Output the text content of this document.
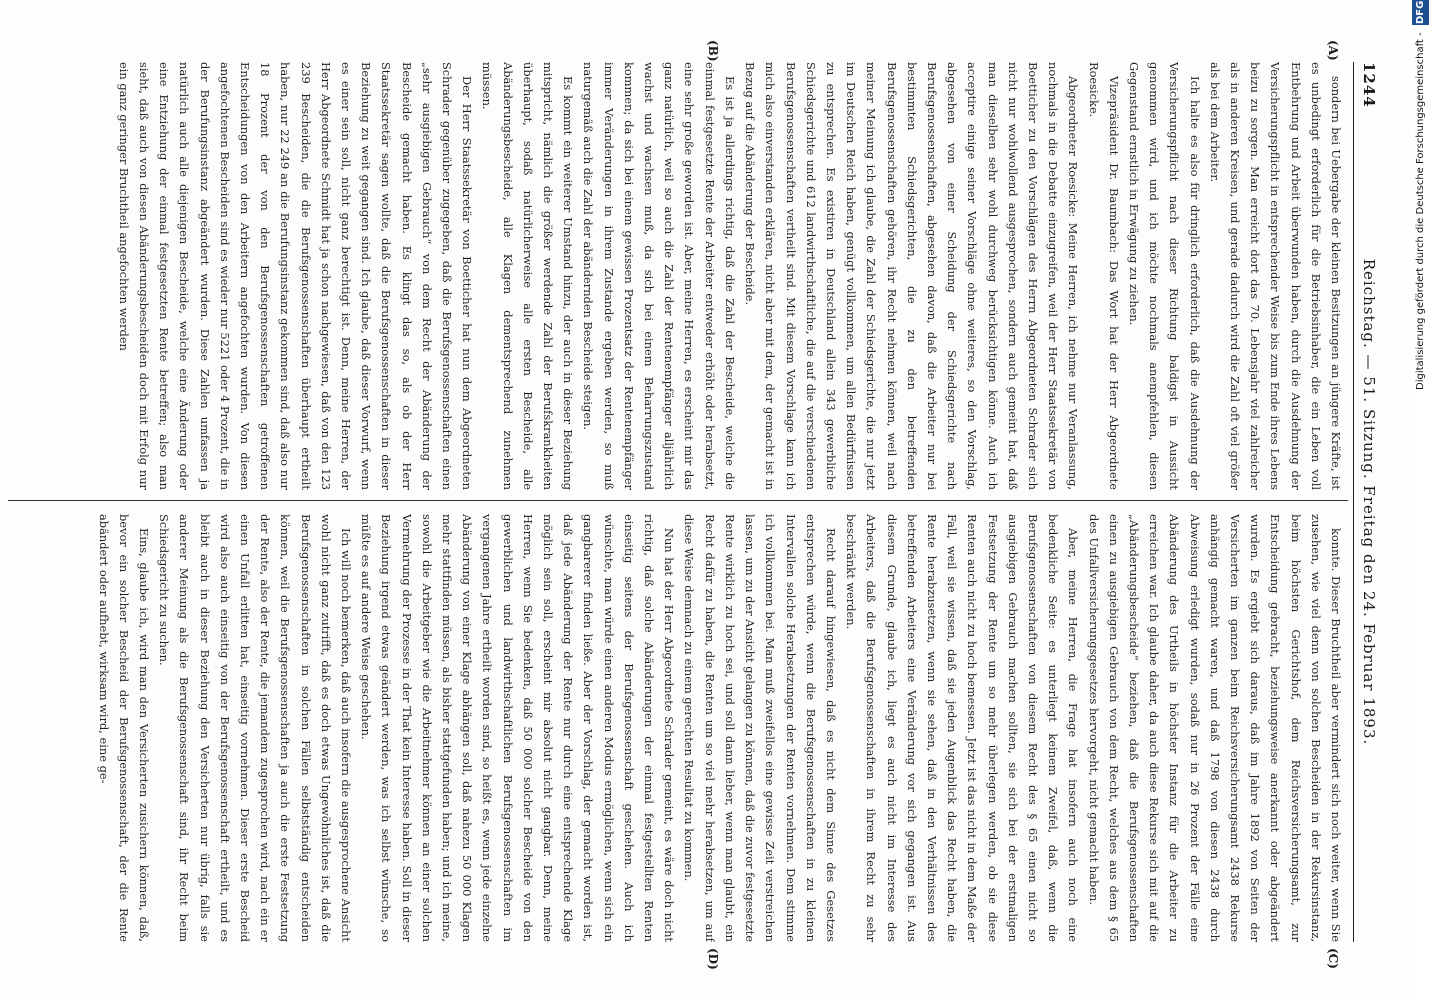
1244
Reichstag. — 51. Sitzung. Freitag den 24. Februar 1893.
(A)
(B)
(C)
(D)

sondern bei Uebergabe der kleinen Besitzungen an jüngere Kräfte, ist es unbedingt erforderlich für die Betriebsinhaber, die ein Leben voll Entbehrung und Arbeit überwunden haben, durch die Ausdehnung der Versicherungspflicht in entsprechender Weise bis zum Ende ihres Lebens beizu zu sorgen. Man erreicht dort das 70. Lebensjahr viel zahlreicher als in anderen Kreisen, und gerade dadurch wird die Zahl oft viel größer als bei dem Arbeiter.

Ich halte es also für dringlich erforderlich, daß die Ausdehnung der Versicherungspflicht nach dieser Richtung baldigst in Aussicht genommen wird, und ich möchte nochmals anempfehlen, diesen Gegenstand ernstlich in Erwägung zu ziehen.

Vizepräsident Dr. Baumbach: Das Wort hat der Herr Abgeordnete Roesicke.

Abgeordneter Roesicke: Meine Herren, ich nehme nur Veranlassung, nochmals in die Debatte einzugreifen, weil der Herr Staatssekretär von Boetticher zu den Vorschlägen des Herrn Abgeordneten Schrader sich nicht nur wohlwollend ausgesprochen, sondern auch gemeint hat, daß man dieselben sehr wohl durchweg berücksichtigen könne. Auch ich acceptire einige seiner Vorschläge ohne weiteres, so den Vorschlag, abgesehen von einer Scheidung der Schiedsgerichte nach Berufsgenossenschaften, abgesehen davon, daß die Arbeiter nur bei bestimmten Schiedsgerichten, die zu den betreffenden Berufsgenossenschaften gehören, ihr Recht nehmen können, weil nach meiner Meinung ich glaube, die Zahl der Schiedsgerichte, die nur jetzt im Deutschen Reich haben, genügt vollkommen, um allen Bedürfnissen zu entsprechen. Es existiren in Deutschland allein 343 gewerbliche Schiedsgerichte und 612 landwirthschaftliche, die auf die verschiedenen Berufsgenossenschaften vertheilt sind. Mit diesem Vorschlage kann ich mich also einverstanden erklären, nicht aber mit dem, der gemacht ist in Bezug auf die Abänderung der Bescheide.

Es ist ja allerdings richtig, daß die Zahl der Bescheide, welche die einmal festgesetzte Rente der Arbeiter entweder erhöht oder herabsetzt, eine sehr große geworden ist. Aber, meine Herren, es erscheint mir das ganz natürlich, weil so auch die Zahl der Rentenempfänger alljährlich wachst und wachsen muß, da sich bei einem Beharrungszustand kommen; da sich bei einem gewissen Prozentsatz der Rentenempfänger immer Veränderungen in ihrem Zustande ergeben werden, so muß naturgemäß auch die Zahl der abändernden Bescheide steigen.

Es kommt ein weiterer Umstand hinzu, der auch in dieser Beziehung mitspricht, nämlich die größer werdende Zahl der Berufskrankheiten überhaupt, sodaß natürlicherweise alle ersten Bescheide, alle Abänderungsbescheide, alle Klagen dementsprechend zunehmen müssen.

Der Herr Staatssekretär von Boetticher hat nun dem Abgeordneten Schrader gegenüber zugegeben, daß die Berufsgenossenschaften einen „sehr ausgiebigen Gebrauch“ von dem Recht der Abänderung der Bescheide gemacht haben. Es klingt das so, als ob der Herr Staatssekretär sagen wollte, daß die Berufsgenossenschaften in dieser Beziehung zu weit gegangen sind. Ich glaube, daß dieser Vorwurf, wenn es einer sein soll, nicht ganz berechtigt ist. Denn, meine Herren, der Herr Abgeordnete Schmidt hat ja schon nachgewiesen, daß von den 123 239 Bescheiden, die die Berufsgenossenschaften überhaupt ertheilt haben, nur 22 249 an die Berufungsinstanz gekommen sind, daß also nur 18 Prozent der von den Berufsgenossenschaften getroffenen Entscheidungen von den Arbeitern angefochten wurden. Von diesen angefochtenen Bescheiden sind es wieder nur 5221 oder 4 Prozent, die in der Berufungsinstanz abgeändert wurden. Diese Zahlen umfassen ja natürlich auch alle diejenigen Bescheide, welche eine Änderung oder eine Entziehung der einmal festgesetzten Rente betreffen; also man sieht, daß auch von diesen Abänderungsbescheiden doch mit Erfolg nur ein ganz geringer Bruchtheil angefochten werden

konnte. Dieser Bruchtheil aber vermindert sich noch weiter, wenn Sie zusehen, wie viel denn von solchen Bescheiden in der Rekursinstanz, beim höchsten Gerichtshof, dem Reichsversicherungsamt, zur Entscheidung gebracht, beziehungsweise anerkannt oder abgeändert wurden. Es ergiebt sich daraus, daß im Jahre 1892 von Seiten der Versicherten im ganzen beim Reichsversicherungsamt 2438 Rekurse anhängig gemacht waren, und daß 1798 von diesen 2438 durch Abweisung erledigt wurden, sodaß nur in 26 Prozent der Fälle eine Abänderung des Urtheils in höchster Instanz für die Arbeiter zu erreichen war. Ich glaube daher, da auch diese Rekurse sich mit auf die „Abänderungsbescheide“ beziehen, daß die Berufsgenossenschaften einen zu ausgiebigen Gebrauch von dem Recht, welches aus dem § 65 des Unfallversicherungsgesetzes hervorgeht, nicht gemacht haben.

Aber, meine Herren, die Frage hat insofern auch noch eine bedenkliche Seite: es unterliegt keinem Zweifel, daß, wenn die Berufsgenossenschaften von diesem Recht des § 65 einen nicht so ausgiebigen Gebrauch machen sollten, sie sich bei der erstmaligen Festsetzung der Rente um so mehr überlegen werden, ob sie diese Renten auch nicht zu hoch bemessen. Jetzt ist das nicht in dem Maße der Fall, weil sie wissen, daß sie jeden Augenblick das Recht haben, die Rente herabzusetzen, wenn sie sehen, daß in den Verhältnissen des betreffenden Arbeiters eine Veränderung vor sich gegangen ist. Aus diesem Grunde, glaube ich, liegt es auch nicht im Interesse des Arbeiters, daß die Berufsgenossenschaften in ihrem Recht zu sehr beschränkt werden.

Recht darauf hingewiesen, daß es nicht dem Sinne des Gesetzes entsprechen würde, wenn die Berufsgenossenschaften in zu kleinen Intervallen solche Herabsetzungen der Renten vornehmen. Dem stimme ich vollkommen bei. Man muß zweifellos eine gewisse Zeit verstreichen lassen, um zu der Ansicht gelangen zu können, daß die zuvor festgesetzte Rente wirklich zu hoch sei, und soll dann lieber, wenn man glaubt, ein Recht dafür zu haben, die Renten um so viel mehr herabsetzen, um auf diese Weise demnach zu einem gerechten Resultat zu kommen.

Nun hat der Herr Abgeordnete Schrader gemeint, es wäre doch nicht richtig, daß solche Abänderungen der einmal festgestellten Renten einseitig seitens der Berufsgenossenschaft geschehen. Auch ich wünschte, man würde einen anderen Modus ermöglichen, wenn sich ein gangbarerer finden ließe. Aber der Vorschlag, der gemacht worden ist, daß jede Abänderung der Rente nur durch eine entsprechende Klage möglich sein soll, erscheint mir absolut nicht gangbar. Denn, meine Herren, wenn Sie bedenken, daß 50 000 solcher Bescheide von den gewerblichen und landwirthschaftlichen Berufsgenossenschaften im vergangenen Jahre ertheilt worden sind, so heißt es, wenn jede einzelne Abänderung von einer Klage abhängen soll, daß nahezu 50 000 Klagen mehr stattfinden müssen, als bisher stattgefunden haben; und ich meine, sowohl die Arbeitgeber wie die Arbeitnehmer können an einer solchen Vermehrung der Prozesse in der That kein Interesse haben. Soll in dieser Beziehung irgend etwas geändert werden, was ich selbst wünsche, so müßte es auf andere Weise geschehen.

Ich will noch bemerken, daß auch insofern die ausgesprochene Ansicht wohl nicht ganz zutrifft, daß es doch etwas Ungewöhnliches ist, daß die Berufsgenossenschaften in solchen Fällen selbstständig entscheiden können, weil die Berufsgenossenschaften ja auch die erste Festsetzung der Rente, also der Rente, die jemandem zugesprochen wird, nach ein er einen Unfall erlitten hat, einseitig vornehmen. Dieser erste Bescheid wird also auch einseitig von der Berufsgenossenschaft ertheilt, und es bleibt auch in dieser Beziehung den Versicherten nur übrig, falls sie anderer Meinung als die Berufsgenossenschaft sind, ihr Recht beim Schiedsgericht zu suchen.

Eins, glaube ich, wird man den Versicherten zusichern können, daß, bevor ein solcher Bescheid der Berufsgenossenschaft, der die Rente abändert oder aufhebt, wirksam wird, eine ge-

Digitalisierung gefördert durch die Deutsche Forschungsgemeinschaft - DFG
